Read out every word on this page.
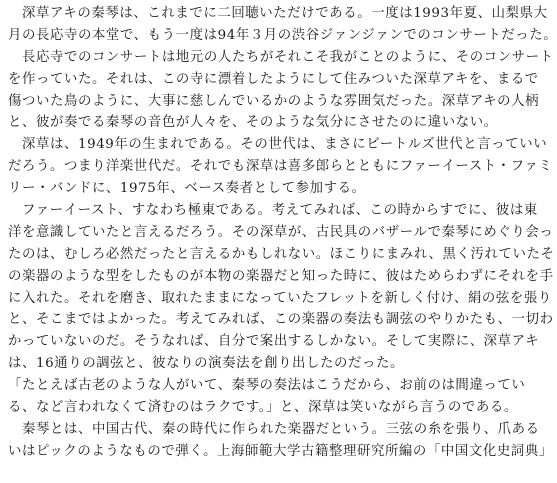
　深草アキの秦琴は、これまでに二回聴いただけである。一度は1993年夏、山梨県大
月の長応寺の本堂で、もう一度は94年３月の渋谷ジァンジァンでのコンサートだった。
　長応寺でのコンサートは地元の人たちがそれこそ我がことのように、そのコンサート
を作っていた。それは、この寺に漂着したようにして住みついた深草アキを、まるで
傷ついた鳥のように、大事に慈しんでいるかのような雰囲気だった。深草アキの人柄
と、彼が奏でる秦琴の音色が人々を、そのような気分にさせたのに違いない。
　深草は、1949年の生まれである。その世代は、まさにビートルズ世代と言っていい
だろう。つまり洋楽世代だ。それでも深草は喜多郎らとともにファーイースト・ファミ
リー・バンドに、1975年、ベース奏者として参加する。
　ファーイースト、すなわち極東である。考えてみれば、この時からすでに、彼は東
洋を意識していたと言えるだろう。その深草が、古民具のバザールで秦琴にめぐり会っ
たのは、むしろ必然だったと言えるかもしれない。ほこりにまみれ、黒く汚れていたそ
の楽器のような型をしたものが本物の楽器だと知った時に、彼はためらわずにそれを手
に入れた。それを磨き、取れたままになっていたフレットを新しく付け、絹の弦を張り
と、そこまではよかった。考えてみれば、この楽器の奏法も調弦のやりかたも、一切わ
かっていないのだ。そうなれば、自分で案出するしかない。そして実際に、深草アキ
は、16通りの調弦と、彼なりの演奏法を創り出したのだった。
「たとえば古老のような人がいて、秦琴の奏法はこうだから、お前のは間違ってい
る、など言われなくて済むのはラクです。」と、深草は笑いながら言うのである。
　秦琴とは、中国古代、秦の時代に作られた楽器だという。三弦の糸を張り、爪ある
いはピックのようなもので弾く。上海師範大学古籍整理研究所編の「中国文化史詞典」
